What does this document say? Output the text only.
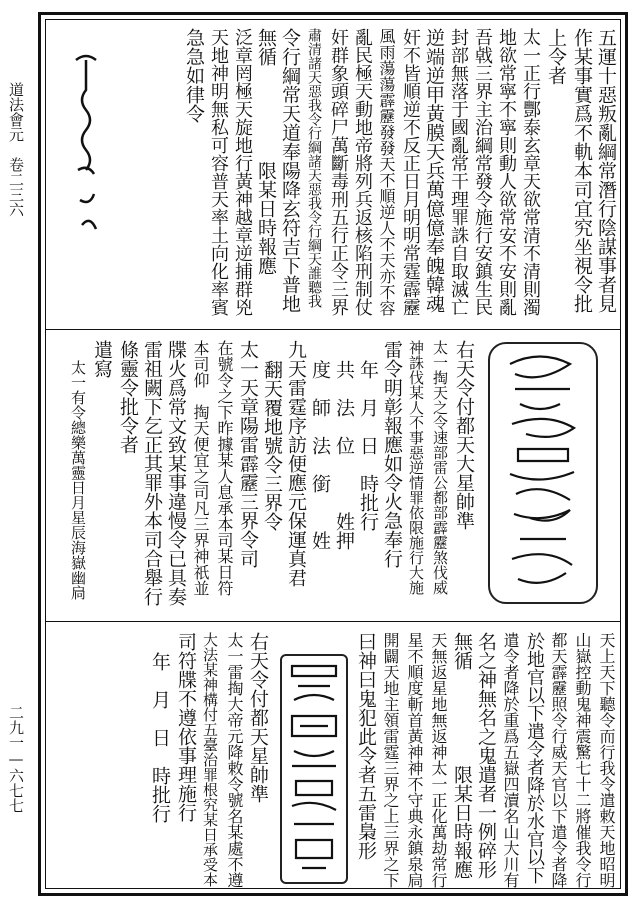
道法會元　卷二三六
二九一—六七七
五運十惡叛亂綱常潛行陰謀事者見
作某事實爲不軌本司宜究坐視令批
上令者
太一正行酆泰玄章天欲常清不清則濁
地欲常寧不寧則動人欲常安不安則亂
吾㦸三界主治綱常發令施行安鎮生民
封部無落于國亂常干理罪誅自取滅亡
逆端逆甲黃膜天兵萬億億奉魄韓魂
奸不皆順逆不反正日月明明常霆霹靂
風雨蕩蕩霹靂發發天不順逆人不天亦不容
亂民極天動地帝將列兵返核陷刑制仗
奸群象頭碎尸萬斷毒刑五行正令三界
肅清諸天惡我令行綱諸天惡我令行綱天誰聽我
令行綱常天道奉陽降玄符吉下普地
無循　　　　　限某日時報應
泛章罔極天旋地行黃神越章逆捕群兇
天地神明無私可容普天率土向化率賓
急急如律令
右天令付都天大星帥準
太一掏天之令速部雷公都部霹靂煞伐威
神誅伐某人不事惡逆情罪依限施行大施
雷令明彰報應如令火急奉行
年　月　日　時批行
共　法　位　　　姓押
度　師　法　銜　　姓
九天雷霆序訪便應元保運真君
翻天覆地號令三界令
太一天章陽雷霹靂三界令司
在號令之下昨據某人息承本司某日符
本司仰　掏天便宜之司凡三界神祇並
牒火爲常文致某事違慢令已具奏
雷祖闕下乞正其罪外本司合舉行
條靈令批令者
遣寫
太一有令總樂萬靈日月星辰海嶽幽扃
天上天下聽令而行我令遣敕天地昭明
山嶽控動鬼神震驚七十二將催我令行
都天霹靂照令行威天官以下遣令者降
於地官以下遣令者降於水官以下
遣令者降於重爲五嶽四瀆名山大川有
名之神無名之鬼遣者一例碎形
無循　　　　　限某日時報應
天無返星地無返神太一正化萬劫常行
星不順度斬首黃神神不守典永鎮泉扃
開闢天地主領雷霆三界之上三界之下
曰神曰鬼犯此令者五雷梟形
右天令付都天星帥準
太一雷掏大帝元降敕令號名某處不遵
大法某神構付五臺治罪根究某日承受本
司符牒不遵依事理施行
年　月　日　時批行
